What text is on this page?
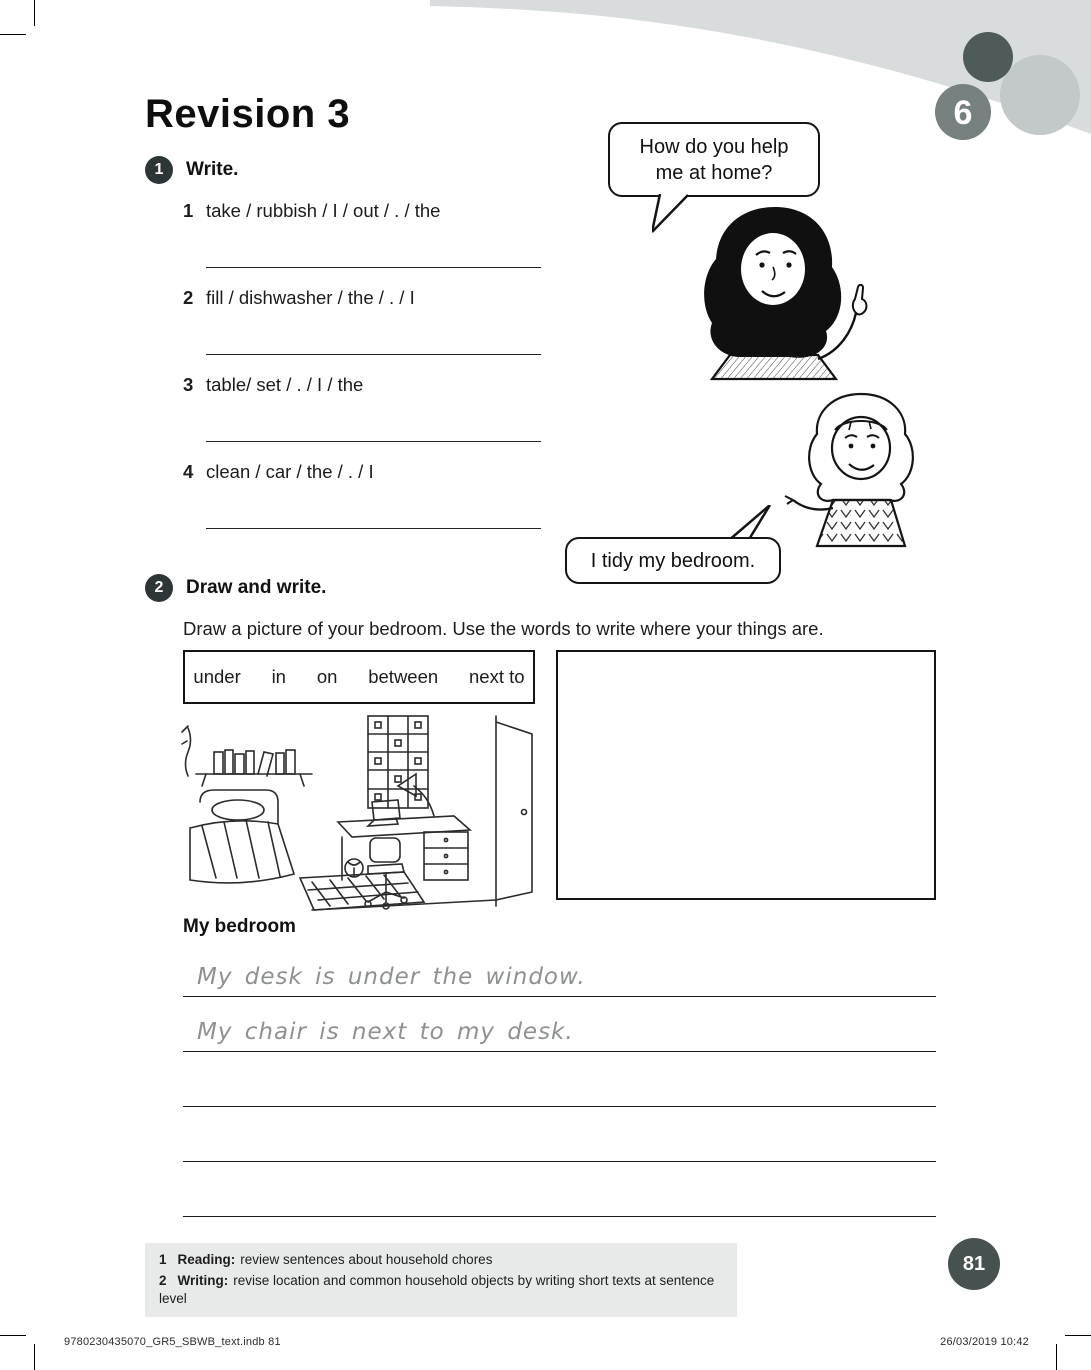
6
Revision 3
1	Write.
1 take / rubbish / I / out / . / the
2 fill / dishwasher / the / . / I
3 table/ set / . / I / the
4 clean / car / the / . / I
How do you help me at home?
I tidy my bedroom.
2	Draw and write.
Draw a picture of your bedroom. Use the words to write where your things are.
under      in      on      between      next to
My bedroom
My desk is under the window.
My chair is next to my desk.
1 Reading: review sentences about household chores
2 Writing: revise location and common household objects by writing short texts at sentence level
81
9780230435070_GR5_SBWB_text.indb 81	26/03/2019 10:42
